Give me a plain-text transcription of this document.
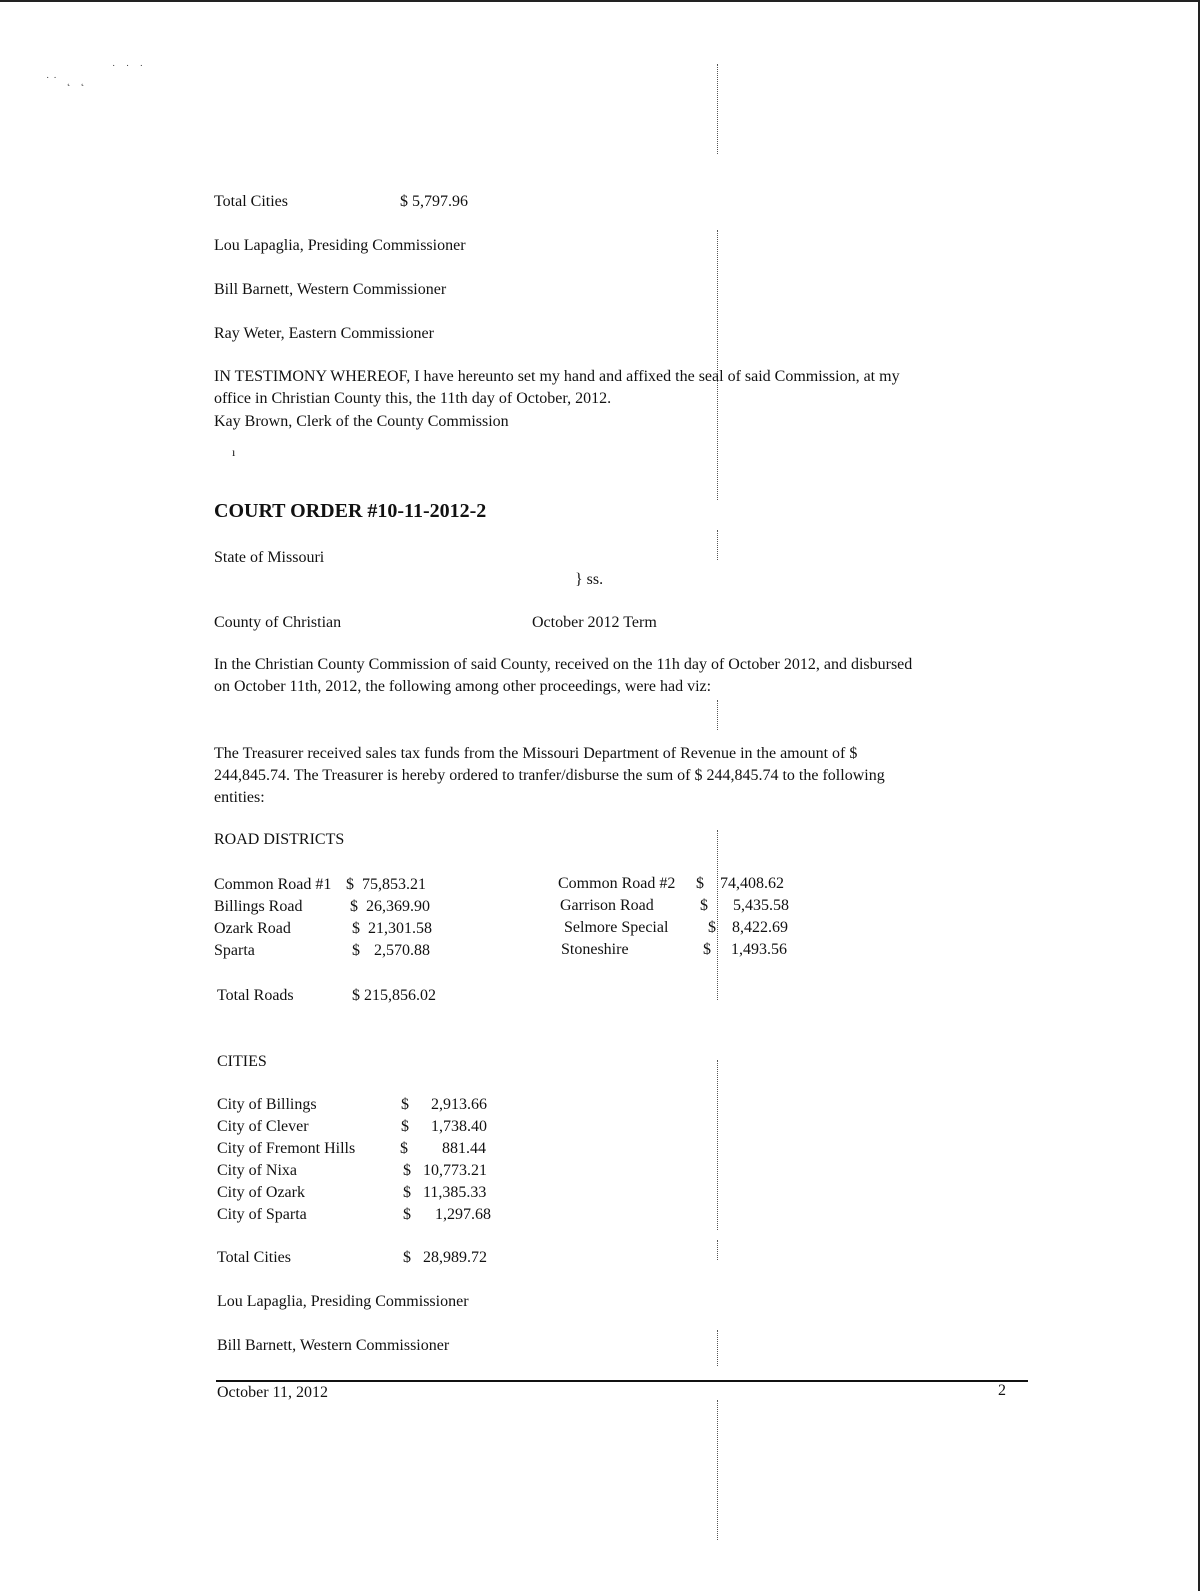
˙˙ ˛ ˛
˙ ˙ ˙
ı
Total Cities	$ 5,797.96
Lou Lapaglia, Presiding Commissioner
Bill Barnett, Western Commissioner
Ray Weter, Eastern Commissioner
IN TESTIMONY WHEREOF, I have hereunto set my hand and affixed the seal of said Commission, at my office in Christian County this, the 11th day of October, 2012.
Kay Brown, Clerk of the County Commission
COURT ORDER #10-11-2012-2
State of Missouri
} ss.
County of Christian	October 2012 Term
In the Christian County Commission of said County, received on the 11h day of October 2012, and disbursed on October 11th, 2012, the following among other proceedings, were had viz:
The Treasurer received sales tax funds from the Missouri Department of Revenue in the amount of $ 244,845.74. The Treasurer is hereby ordered to tranfer/disburse the sum of $ 244,845.74 to the following entities:
ROAD DISTRICTS
Common Road #1 $ 75,853.21
Billings Road	$ 26,369.90
Ozark Road	$ 21,301.58
Sparta	$ 2,570.88
Common Road #2 $ 74,408.62
Garrison Road	$ 5,435.58
Selmore Special $ 8,422.69
Stoneshire	$ 1,493.56
Total Roads	$ 215,856.02
CITIES
City of Billings	$ 2,913.66
City of Clever	$ 1,738.40
City of Fremont Hills	$ 881.44
City of Nixa	$ 10,773.21
City of Ozark	$ 11,385.33
City of Sparta	$ 1,297.68
Total Cities	$ 28,989.72
Lou Lapaglia, Presiding Commissioner
Bill Barnett, Western Commissioner
October 11, 2012	2
